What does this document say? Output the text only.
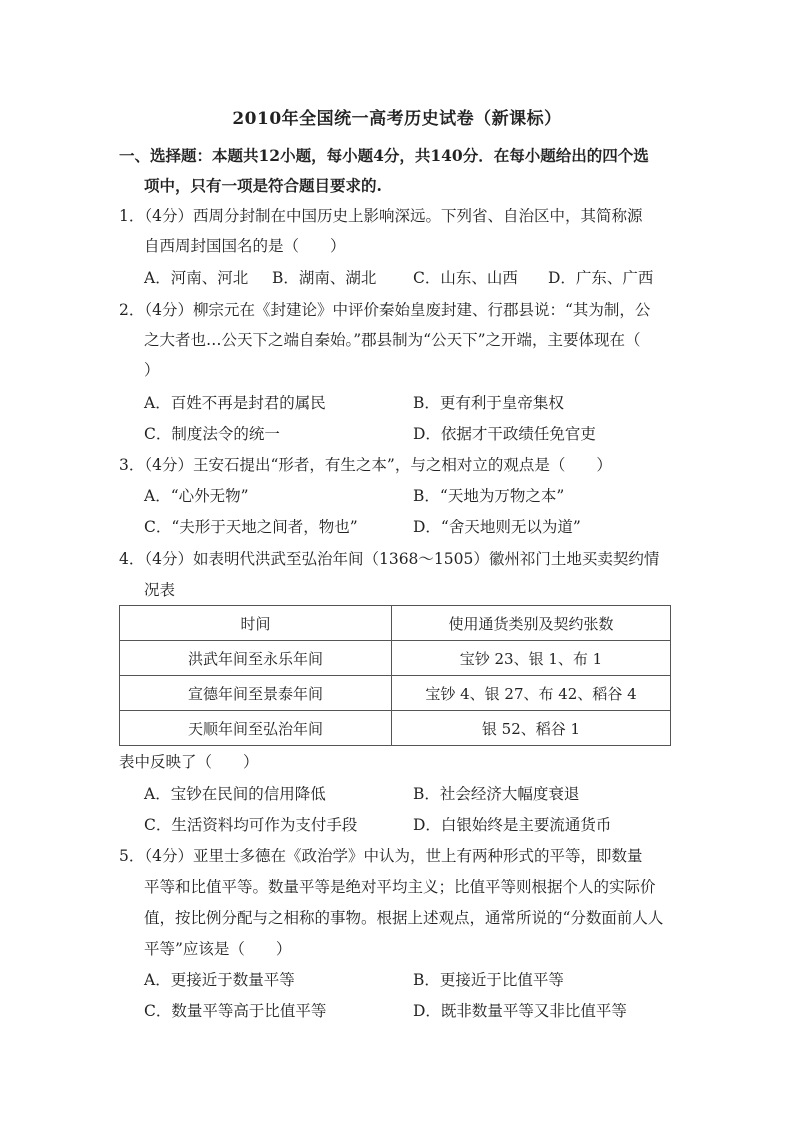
2010年全国统一高考历史试卷（新课标）
一、选择题：本题共12小题，每小题4分，共140分．在每小题给出的四个选
项中，只有一项是符合题目要求的.
1．（4分）西周分封制在中国历史上影响深远。下列省、自治区中，其简称源
自西周封国国名的是（　　）
A．河南、河北 B．湖南、湖北 C．山东、山西 D．广东、广西
2．（4分）柳宗元在《封建论》中评价秦始皇废封建、行郡县说：“其为制，公
之大者也…公天下之端自秦始。”郡县制为“公天下”之开端，主要体现在（
）
A．百姓不再是封君的属民	B．更有利于皇帝集权
C．制度法令的统一	D．依据才干政绩任免官吏
3．（4分）王安石提出“形者，有生之本”，与之相对立的观点是（　　）
A．“心外无物”	B．“天地为万物之本”
C．“夫形于天地之间者，物也”	D．“舍天地则无以为道”
4．（4分）如表明代洪武至弘治年间（1368～1505）徽州祁门土地买卖契约情
况表
时间	使用通货类别及契约张数
洪武年间至永乐年间	宝钞 23、银 1、布 1
宣德年间至景泰年间	宝钞 4、银 27、布 42、稻谷 4
天顺年间至弘治年间	银 52、稻谷 1
表中反映了（　　）
A．宝钞在民间的信用降低	B．社会经济大幅度衰退
C．生活资料均可作为支付手段	D．白银始终是主要流通货币
5．（4分）亚里士多德在《政治学》中认为，世上有两种形式的平等，即数量
平等和比值平等。数量平等是绝对平均主义；比值平等则根据个人的实际价
值，按比例分配与之相称的事物。根据上述观点，通常所说的“分数面前人人
平等”应该是（　　）
A．更接近于数量平等	B．更接近于比值平等
C．数量平等高于比值平等	D．既非数量平等又非比值平等
